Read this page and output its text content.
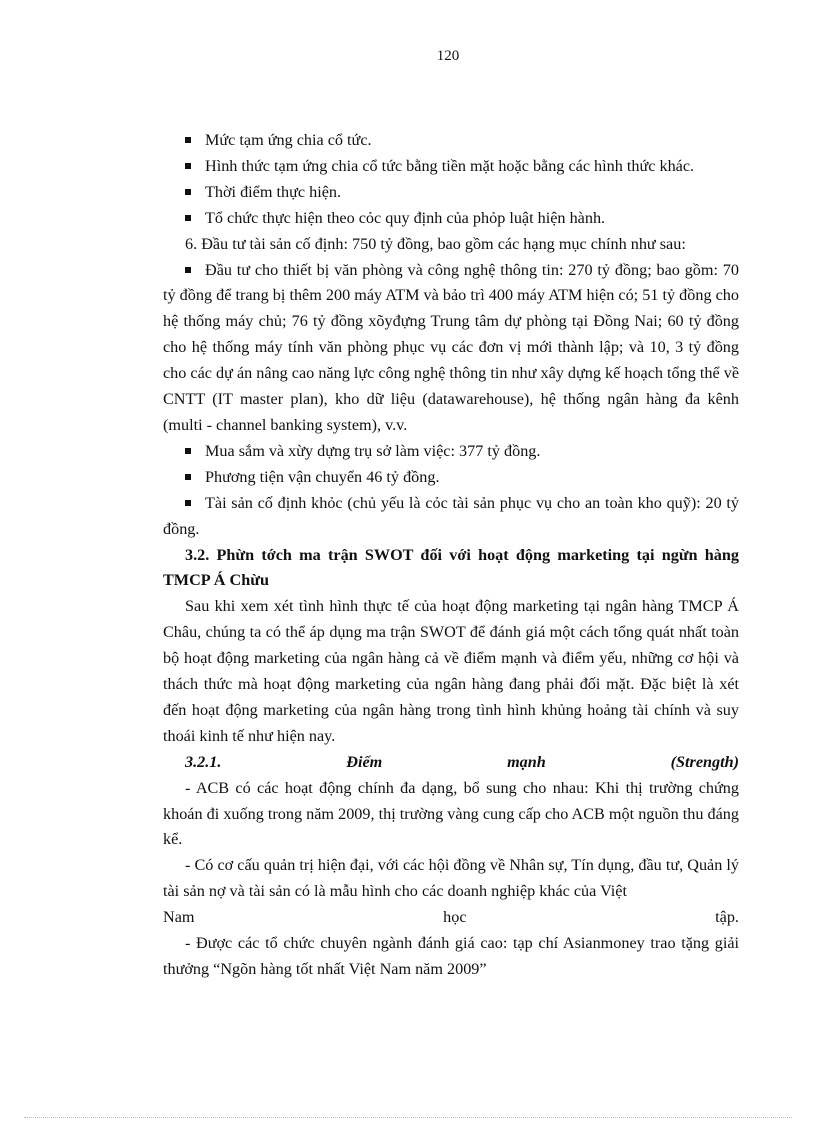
120

Mức tạm ứng chia cổ tức.

Hình thức tạm ứng chia cổ tức bằng tiền mặt hoặc bằng các hình thức khác.

Thời điểm thực hiện.

Tổ chức thực hiện theo cỏc quy định của phỏp luật hiện hành.

6. Đầu tư tài sản cố định: 750 tỷ đồng, bao gồm các hạng mục chính như sau:

Đầu tư cho thiết bị văn phòng và công nghệ thông tin: 270 tỷ đồng; bao gồm: 70 tỷ đồng để trang bị thêm 200 máy ATM và bảo trì 400 máy ATM hiện có; 51 tỷ đồng cho hệ thống máy chủ; 76 tỷ đồng xõyđựng Trung tâm dự phòng tại Đồng Nai; 60 tỷ đồng cho hệ thống máy tính văn phòng phục vụ các đơn vị mới thành lập; và 10, 3 tỷ đồng cho các dự án nâng cao năng lực công nghệ thông tin như xây dựng kế hoạch tổng thể về CNTT (IT master plan), kho dữ liệu (datawarehouse), hệ thống ngân hàng đa kênh (multi - channel banking system), v.v.

Mua sắm và xừy dựng trụ sở làm việc: 377 tỷ đồng.

Phương tiện vận chuyển 46 tỷ đồng.

Tài sản cố định khỏc (chủ yếu là cỏc tài sản phục vụ cho an toàn kho quỹ): 20 tỷ đồng.

3.2. Phừn tớch ma trận SWOT đối với hoạt động marketing tại ngừn hàng TMCP Á Chừu

Sau khi xem xét tình hình thực tế của hoạt động marketing tại ngân hàng TMCP Á Châu, chúng ta có thể áp dụng ma trận SWOT để đánh giá một cách tổng quát nhất toàn bộ hoạt động marketing của ngân hàng cả về điểm mạnh và điểm yếu, những cơ hội và thách thức mà hoạt động marketing của ngân hàng đang phải đối mặt. Đặc biệt là xét đến hoạt động marketing của ngân hàng trong tình hình khủng hoảng tài chính và suy thoái kinh tế như hiện nay.

3.2.1.	Điểm	mạnh	(Strength)

- ACB có các hoạt động chính đa dạng, bổ sung cho nhau: Khi thị trường chứng khoán đi xuống trong năm 2009, thị trường vàng cung cấp cho ACB một nguồn thu đáng kể.

- Có cơ cấu quản trị hiện đại, với các hội đồng về Nhân sự, Tín dụng, đầu tư, Quản lý tài sản nợ và tài sản có là mẫu hình cho các doanh nghiệp khác của Việt

Nam	học	tập.

- Được các tổ chức chuyên ngành đánh giá cao: tạp chí Asianmoney trao tặng giải thưởng “Ngõn hàng tốt nhất Việt Nam năm 2009”
